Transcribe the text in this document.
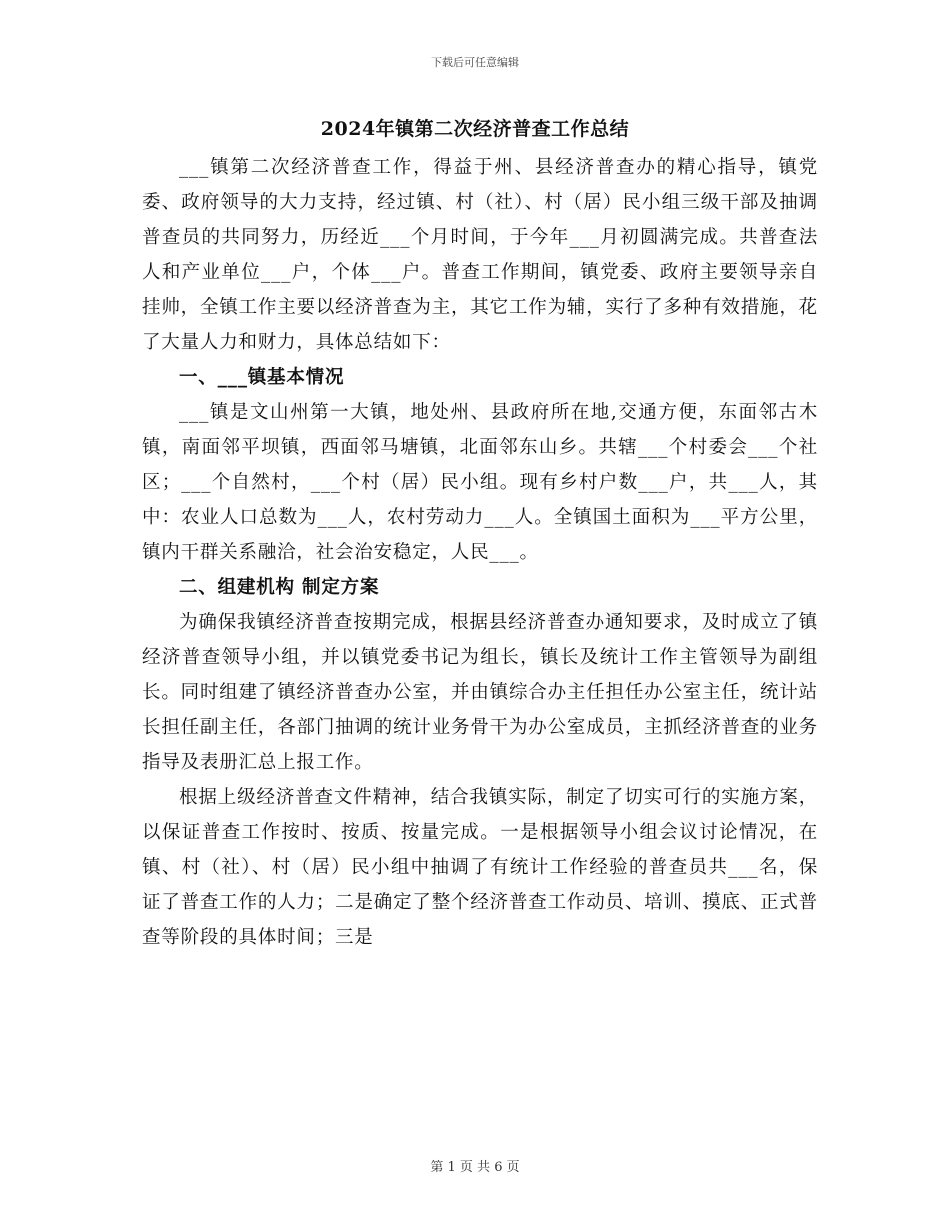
下载后可任意编辑
2024年镇第二次经济普查工作总结

___镇第二次经济普查工作，得益于州、县经济普查办的精心指导，镇党委、政府领导的大力支持，经过镇、村（社）、村（居）民小组三级干部及抽调普查员的共同努力，历经近___个月时间，于今年___月初圆满完成。共普查法人和产业单位___户，个体___户。普查工作期间，镇党委、政府主要领导亲自挂帅，全镇工作主要以经济普查为主，其它工作为辅，实行了多种有效措施，花了大量人力和财力，具体总结如下：

一、___镇基本情况

___镇是文山州第一大镇，地处州、县政府所在地,交通方便，东面邻古木镇，南面邻平坝镇，西面邻马塘镇，北面邻东山乡。共辖___个村委会___个社区；___个自然村，___个村（居）民小组。现有乡村户数___户，共___人，其中：农业人口总数为___人，农村劳动力___人。全镇国土面积为___平方公里，镇内干群关系融洽，社会治安稳定，人民___。

二、组建机构 制定方案

为确保我镇经济普查按期完成，根据县经济普查办通知要求，及时成立了镇经济普查领导小组，并以镇党委书记为组长，镇长及统计工作主管领导为副组长。同时组建了镇经济普查办公室，并由镇综合办主任担任办公室主任，统计站长担任副主任，各部门抽调的统计业务骨干为办公室成员，主抓经济普查的业务指导及表册汇总上报工作。

根据上级经济普查文件精神，结合我镇实际，制定了切实可行的实施方案，以保证普查工作按时、按质、按量完成。一是根据领导小组会议讨论情况，在镇、村（社）、村（居）民小组中抽调了有统计工作经验的普查员共___名，保证了普查工作的人力；二是确定了整个经济普查工作动员、培训、摸底、正式普查等阶段的具体时间；三是

第 1 页 共 6 页
